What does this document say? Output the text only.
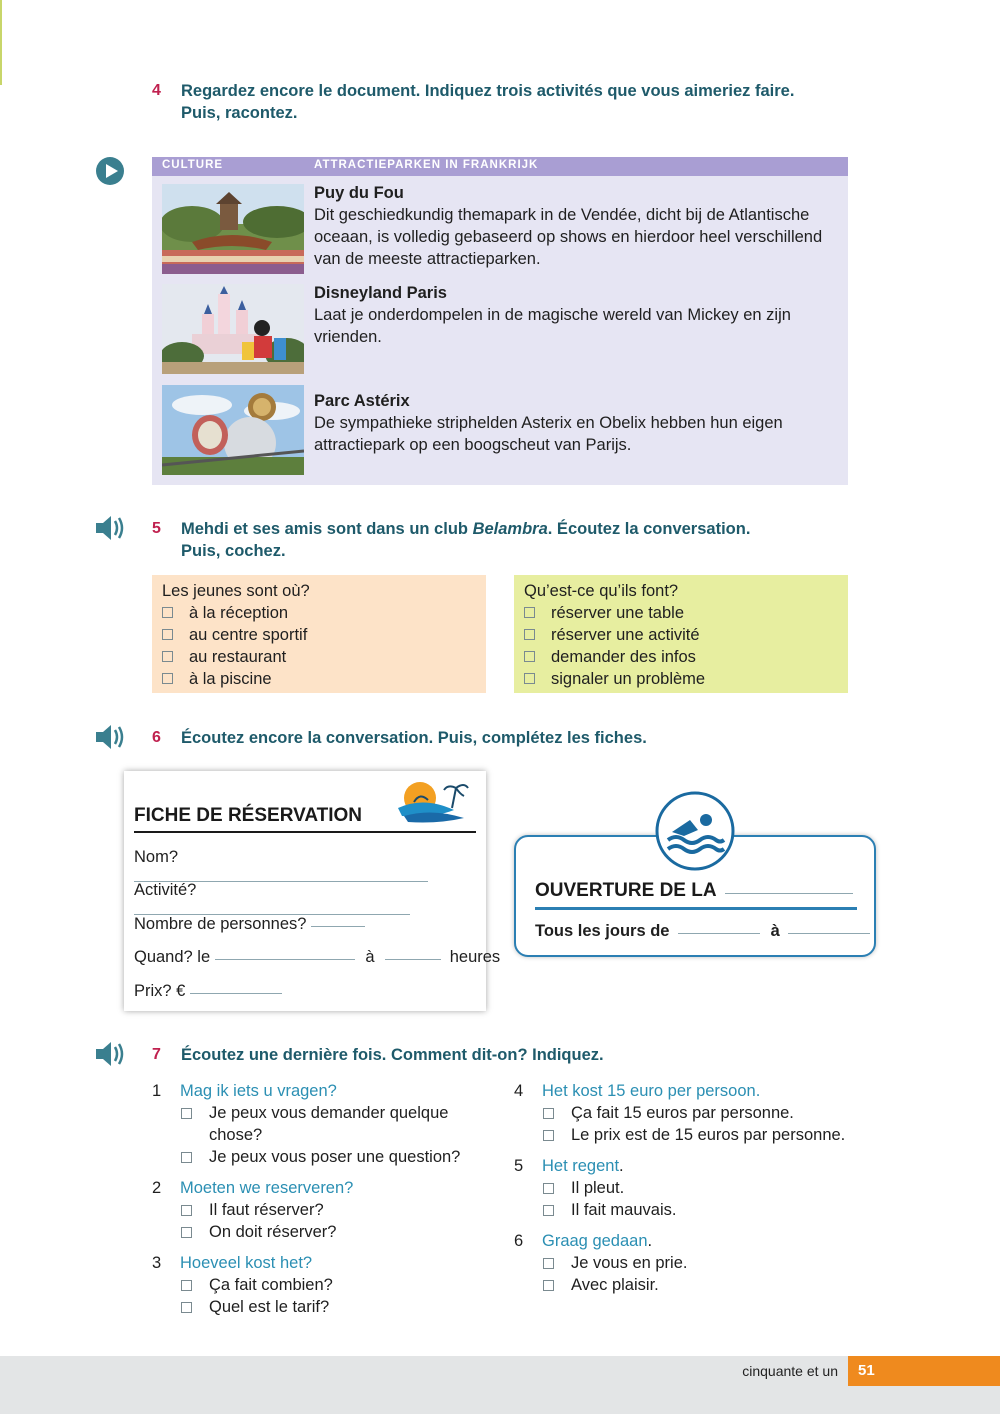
4 Regardez encore le document. Indiquez trois activités que vous aimeriez faire.
Puis, racontez.
CULTURE	ATTRACTIEPARKEN IN FRANKRIJK
Puy du Fou
Dit geschiedkundig themapark in de Vendée, dicht bij de Atlantische oceaan, is volledig gebaseerd op shows en hierdoor heel verschillend van de meeste attractieparken.
Disneyland Paris
Laat je onderdompelen in de magische wereld van Mickey en zijn vrienden.
Parc Astérix
De sympathieke striphelden Asterix en Obelix hebben hun eigen attractiepark op een boogscheut van Parijs.
5 Mehdi et ses amis sont dans un club Belambra. Écoutez la conversation.
Puis, cochez.
Les jeunes sont où?
à la réception
au centre sportif
au restaurant
à la piscine
Qu’est-ce qu’ils font?
réserver une table
réserver une activité
demander des infos
signaler un problème
6 Écoutez encore la conversation. Puis, complétez les fiches.
FICHE DE RÉSERVATION
Nom?
Activité?
Nombre de personnes?
Quand? le	à	heures
Prix? €
OUVERTURE DE LA
Tous les jours de	à
7 Écoutez une dernière fois. Comment dit-on? Indiquez.
1 Mag ik iets u vragen?
Je peux vous demander quelque chose?
Je peux vous poser une question?
2 Moeten we reserveren?
Il faut réserver?
On doit réserver?
3 Hoeveel kost het?
Ça fait combien?
Quel est le tarif?
4 Het kost 15 euro per persoon.
Ça fait 15 euros par personne.
Le prix est de 15 euros par personne.
5 Het regent.
Il pleut.
Il fait mauvais.
6 Graag gedaan.
Je vous en prie.
Avec plaisir.
cinquante et un 51
